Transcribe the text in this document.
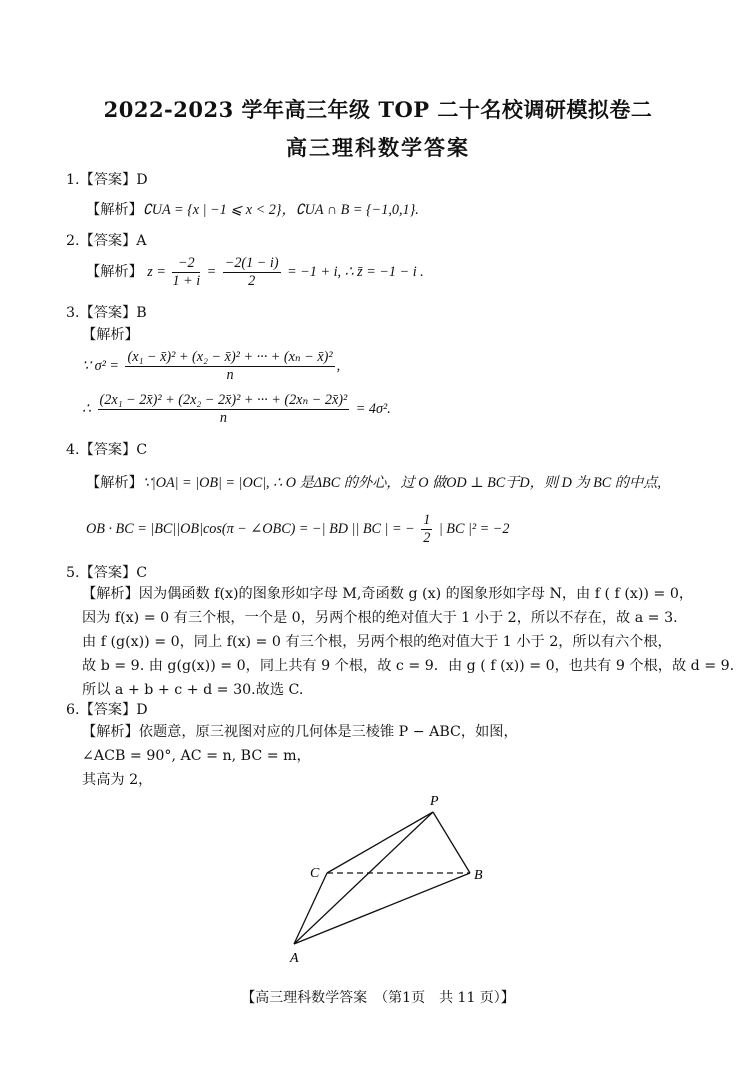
2022-2023 学年高三年级 TOP 二十名校调研模拟卷二
高三理科数学答案
1.【答案】D
【解析】∁UA = {x | −1 ⩽ x < 2}，∁UA ∩ B = {−1,0,1}.
2.【答案】A
【解析】 $z = \frac{-2}{1 + i} = \frac{-2(1 - i)}{2} = -1 + i$, ∴ z̄ = −1 − i .
3.【答案】B
【解析】
∵ $\sigma^2 = \frac{\text{(x₁ − x̄)² + (x₂ − x̄)² + ··· + (xₙ − x̄)²}}{n}$ ,
∴ $\frac{\text{(2x₁ − 2x̄)² + (2x₂ − 2x̄)² + ··· + (2xₙ − 2x̄)²}}{n} = 4\sigma^2$.
4.【答案】C
【解析】∵|OA| = |OB| = |OC|, ∴ O 是ΔBC 的外心，过 O 做OD ⊥ BC于D，则 D 为 BC 的中点,
OB · BC = |BC||OB|cos(π − ∠OBC) = −| BD || BC | = − $\frac{1}{2}$ | BC |² = −2
5.【答案】C
【解析】因为偶函数 f(x)的图象形如字母 M,奇函数 g (x) 的图象形如字母 N，由 f ( f (x)) = 0，
因为 f(x) = 0 有三个根，一个是 0，另两个根的绝对值大于 1 小于 2，所以不存在，故 a = 3.
由 f (g(x)) = 0，同上 f(x) = 0 有三个根，另两个根的绝对值大于 1 小于 2，所以有六个根，
故 b = 9. 由 g(g(x)) = 0，同上共有 9 个根，故 c = 9．由 g ( f (x)) = 0，也共有 9 个根，故 d = 9.
所以 a + b + c + d = 30.故选 C.
6.【答案】D
【解析】依题意，原三视图对应的几何体是三棱锥 P − ABC，如图，
∠ACB = 90°, AC = n, BC = m，
其高为 2，
P
C	B
A
【高三理科数学答案　（第1页　共 11 页）】
